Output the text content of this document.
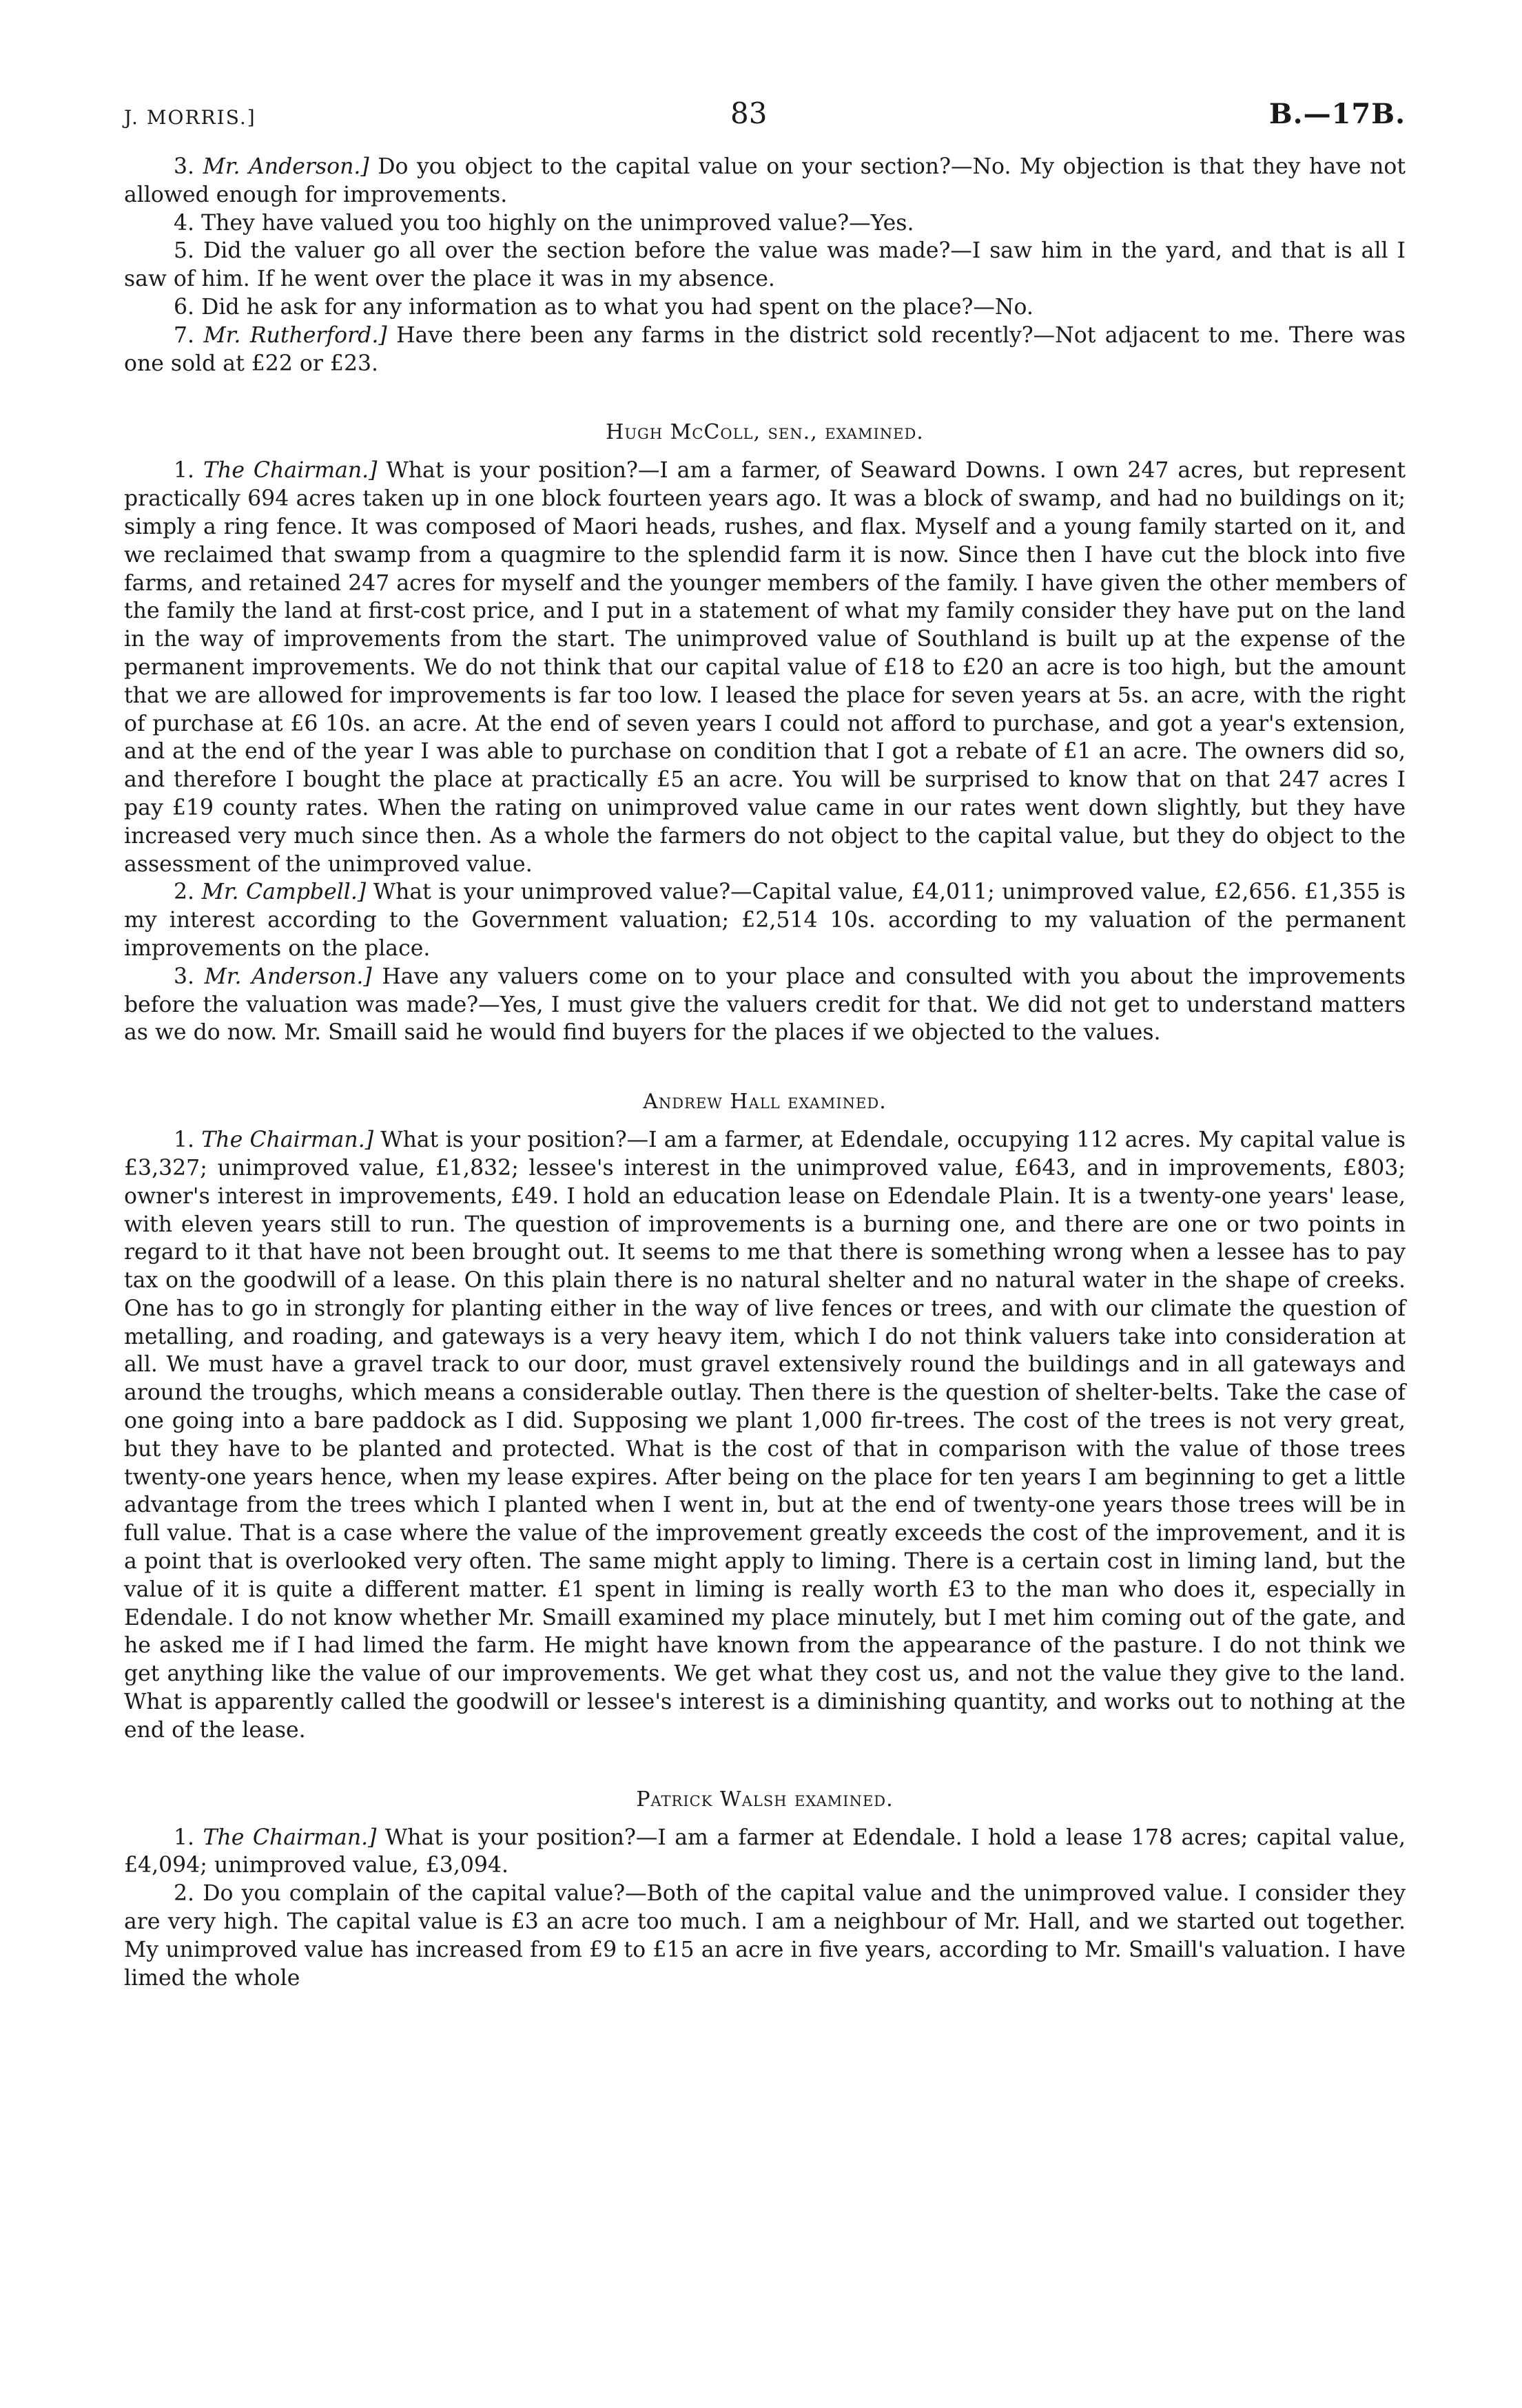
J. MORRIS.]	83	B.—17B.

3. Mr. Anderson.] Do you object to the capital value on your section?—No. My objection is that they have not allowed enough for improvements.

4. They have valued you too highly on the unimproved value?—Yes.

5. Did the valuer go all over the section before the value was made?—I saw him in the yard, and that is all I saw of him. If he went over the place it was in my absence.

6. Did he ask for any information as to what you had spent on the place?—No.

7. Mr. Rutherford.] Have there been any farms in the district sold recently?—Not adjacent to me. There was one sold at £22 or £23.

Hugh McColl, sen., examined.

1. The Chairman.] What is your position?—I am a farmer, of Seaward Downs. I own 247 acres, but represent practically 694 acres taken up in one block fourteen years ago. It was a block of swamp, and had no buildings on it; simply a ring fence. It was composed of Maori heads, rushes, and flax. Myself and a young family started on it, and we reclaimed that swamp from a quagmire to the splendid farm it is now. Since then I have cut the block into five farms, and retained 247 acres for myself and the younger members of the family. I have given the other members of the family the land at first-cost price, and I put in a statement of what my family consider they have put on the land in the way of improvements from the start. The unimproved value of Southland is built up at the expense of the permanent improvements. We do not think that our capital value of £18 to £20 an acre is too high, but the amount that we are allowed for improvements is far too low. I leased the place for seven years at 5s. an acre, with the right of purchase at £6 10s. an acre. At the end of seven years I could not afford to purchase, and got a year's extension, and at the end of the year I was able to purchase on condition that I got a rebate of £1 an acre. The owners did so, and therefore I bought the place at practically £5 an acre. You will be surprised to know that on that 247 acres I pay £19 county rates. When the rating on unimproved value came in our rates went down slightly, but they have increased very much since then. As a whole the farmers do not object to the capital value, but they do object to the assessment of the unimproved value.

2. Mr. Campbell.] What is your unimproved value?—Capital value, £4,011; unimproved value, £2,656. £1,355 is my interest according to the Government valuation; £2,514 10s. according to my valuation of the permanent improvements on the place.

3. Mr. Anderson.] Have any valuers come on to your place and consulted with you about the improvements before the valuation was made?—Yes, I must give the valuers credit for that. We did not get to understand matters as we do now. Mr. Smaill said he would find buyers for the places if we objected to the values.

Andrew Hall examined.

1. The Chairman.] What is your position?—I am a farmer, at Edendale, occupying 112 acres. My capital value is £3,327; unimproved value, £1,832; lessee's interest in the unimproved value, £643, and in improvements, £803; owner's interest in improvements, £49. I hold an education lease on Edendale Plain. It is a twenty-one years' lease, with eleven years still to run. The question of improvements is a burning one, and there are one or two points in regard to it that have not been brought out. It seems to me that there is something wrong when a lessee has to pay tax on the goodwill of a lease. On this plain there is no natural shelter and no natural water in the shape of creeks. One has to go in strongly for planting either in the way of live fences or trees, and with our climate the question of metalling, and roading, and gateways is a very heavy item, which I do not think valuers take into consideration at all. We must have a gravel track to our door, must gravel extensively round the buildings and in all gateways and around the troughs, which means a considerable outlay. Then there is the question of shelter-belts. Take the case of one going into a bare paddock as I did. Supposing we plant 1,000 fir-trees. The cost of the trees is not very great, but they have to be planted and protected. What is the cost of that in comparison with the value of those trees twenty-one years hence, when my lease expires. After being on the place for ten years I am beginning to get a little advantage from the trees which I planted when I went in, but at the end of twenty-one years those trees will be in full value. That is a case where the value of the improvement greatly exceeds the cost of the improvement, and it is a point that is overlooked very often. The same might apply to liming. There is a certain cost in liming land, but the value of it is quite a different matter. £1 spent in liming is really worth £3 to the man who does it, especially in Edendale. I do not know whether Mr. Smaill examined my place minutely, but I met him coming out of the gate, and he asked me if I had limed the farm. He might have known from the appearance of the pasture. I do not think we get anything like the value of our improvements. We get what they cost us, and not the value they give to the land. What is apparently called the goodwill or lessee's interest is a diminishing quantity, and works out to nothing at the end of the lease.

Patrick Walsh examined.

1. The Chairman.] What is your position?—I am a farmer at Edendale. I hold a lease 178 acres; capital value, £4,094; unimproved value, £3,094.

2. Do you complain of the capital value?—Both of the capital value and the unimproved value. I consider they are very high. The capital value is £3 an acre too much. I am a neighbour of Mr. Hall, and we started out together. My unimproved value has increased from £9 to £15 an acre in five years, according to Mr. Smaill's valuation. I have limed the whole
